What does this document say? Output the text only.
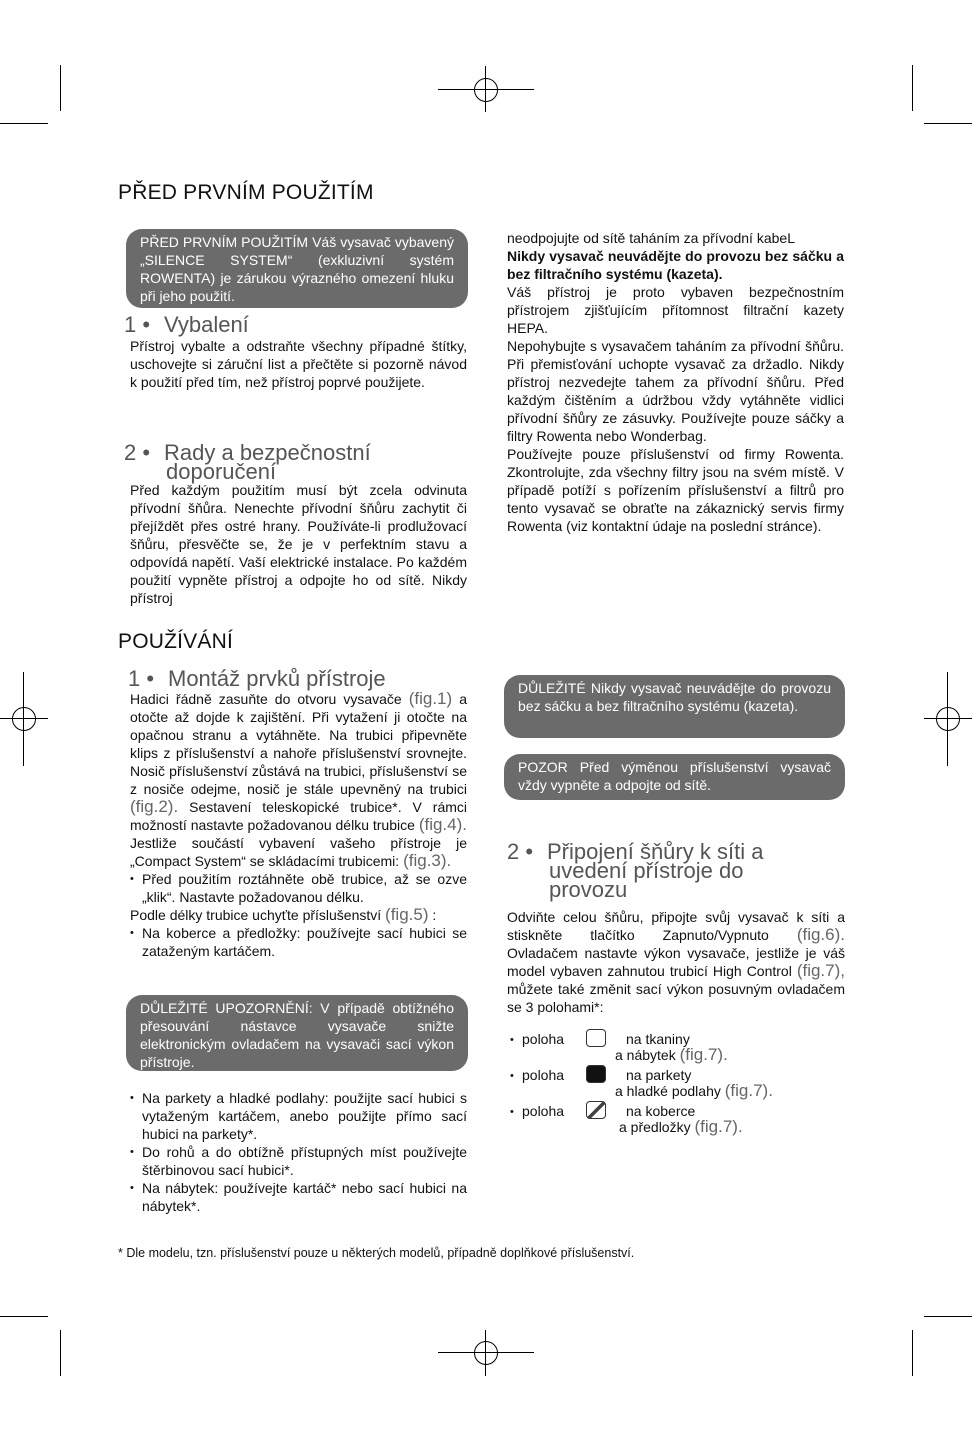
PŘED PRVNÍM POUŽITÍM
PŘED PRVNÍM POUŽITÍM Váš vysavač vybavený „SILENCE SYSTEM“ (exkluzivní systém ROWENTA) je zárukou výrazného omezení hluku při jeho použití.
1 • Vybalení
Přístroj vybalte a odstraňte všechny případné štítky, uschovejte si záruční list a přečtěte si pozorně návod k použití před tím, než přístroj poprvé použijete.
2 • Rady a bezpečnostní
doporučení
Před každým použitím musí být zcela odvinuta přívodní šňůra. Nenechte přívodní šňůru zachytit či přejíždět přes ostré hrany. Používáte-li prodlužovací šňůru, přesvěčte se, že je v perfektním stavu a odpovídá napětí. Vaší elektrické instalace. Po každém použití vypněte přístroj a odpojte ho od sítě. Nikdy přístroj
neodpojujte od sítě taháním za přívodní kabeL
Nikdy vysavač neuvádějte do provozu bez sáčku a bez filtračního systému (kazeta).
Váš přístroj je proto vybaven bezpečnostním přístrojem zjišťujícím přítomnost filtrační kazety HEPA.
Nepohybujte s vysavačem taháním za přívodní šňůru. Při přemisťování uchopte vysavač za držadlo. Nikdy přístroj nezvedejte tahem za přívodní šňůru. Před každým čištěním a údržbou vždy vytáhněte vidlici přívodní šňůry ze zásuvky. Používejte pouze sáčky a filtry Rowenta nebo Wonderbag.
Používejte pouze příslušenství od firmy Rowenta. Zkontrolujte, zda všechny filtry jsou na svém místě. V případě potíží s pořízením příslušenství a filtrů pro tento vysavač se obraťte na zákaznický servis firmy Rowenta (viz kontaktní údaje na poslední stránce).
POUŽÍVÁNÍ
1 • Montáž prvků přístroje
Hadici řádně zasuňte do otvoru vysavače (fig.1) a otočte až dojde k zajištění. Při vytažení ji otočte na opačnou stranu a vytáhněte. Na trubici připevněte klips z příslušenství a nahoře příslušenství srovnejte. Nosič příslušenství zůstává na trubici, příslušenství se z nosiče odejme, nosič je stále upevněný na trubici (fig.2). Sestavení teleskopické trubice*. V rámci možností nastavte požadovanou délku trubice (fig.4). Jestliže součástí vybavení vašeho přístroje je „Compact System“ se skládacími trubicemi: (fig.3).
• Před použitím roztáhněte obě trubice, až se ozve „klik“. Nastavte požadovanou délku.
Podle délky trubice uchyťte příslušenství (fig.5) :
• Na koberce a předložky: používejte sací hubici se zataženým kartáčem.
DŮLEŽITÉ UPOZORNĚNÍ: V případě obtížného přesouvání nástavce vysavače snižte elektronickým ovladačem na vysavači sací výkon přístroje.
• Na parkety a hladké podlahy: použijte sací hubici s vytaženým kartáčem, anebo použijte přímo sací hubici na parkety*.
• Do rohů a do obtížně přístupných míst používejte štěrbinovou sací hubici*.
• Na nábytek: používejte kartáč* nebo sací hubici na nábytek*.
DŮLEŽITÉ Nikdy vysavač neuvádějte do provozu bez sáčku a bez filtračního systému (kazeta).
POZOR Před výměnou příslušenství vysavač vždy vypněte a odpojte od sítě.
2 • Připojení šňůry k síti a
uvedení přístroje do
provozu
Odviňte celou šňůru, připojte svůj vysavač k síti a stiskněte tlačítko Zapnuto/Vypnuto (fig.6). Ovladačem nastavte výkon vysavače, jestliže je váš model vybaven zahnutou trubicí High Control (fig.7), můžete také změnit sací výkon posuvným ovladačem se 3 polohami*:
• poloha	na tkaniny
a nábytek (fig.7).
• poloha	na parkety
a hladké podlahy (fig.7).
• poloha	na koberce
a předložky (fig.7).
* Dle modelu, tzn. příslušenství pouze u některých modelů, případně doplňkové příslušenství.
